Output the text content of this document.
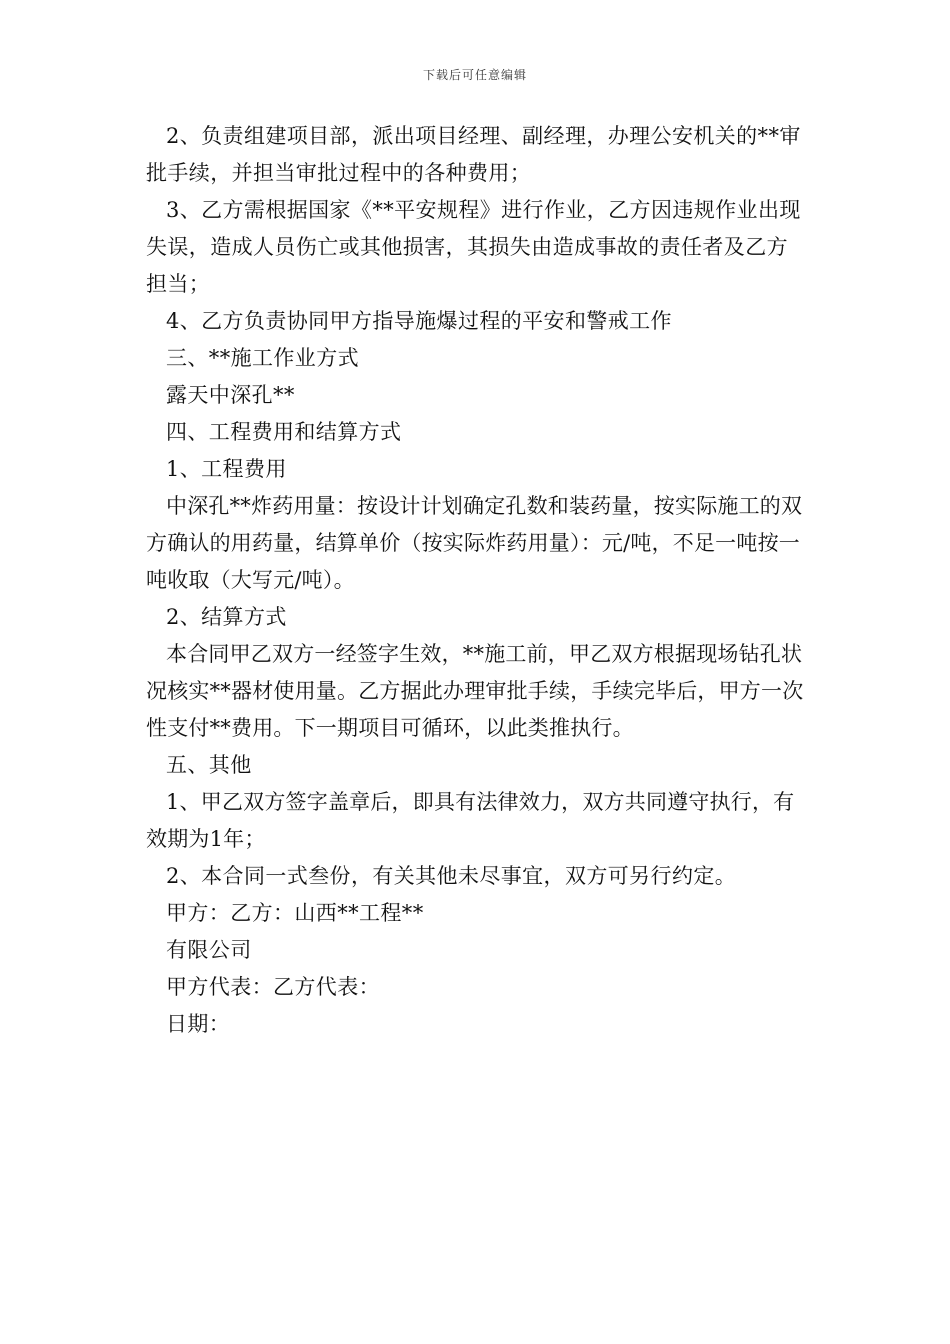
下载后可任意编辑

2、负责组建项目部，派出项目经理、副经理，办理公安机关的**审批手续，并担当审批过程中的各种费用；

3、乙方需根据国家《**平安规程》进行作业，乙方因违规作业出现失误，造成人员伤亡或其他损害，其损失由造成事故的责任者及乙方担当；

4、乙方负责协同甲方指导施爆过程的平安和警戒工作

三、**施工作业方式

露天中深孔**

四、工程费用和结算方式

1、工程费用

中深孔**炸药用量：按设计计划确定孔数和装药量，按实际施工的双方确认的用药量，结算单价（按实际炸药用量）：元/吨，不足一吨按一吨收取（大写元/吨）。

2、结算方式

本合同甲乙双方一经签字生效，**施工前，甲乙双方根据现场钻孔状况核实**器材使用量。乙方据此办理审批手续，手续完毕后，甲方一次性支付**费用。下一期项目可循环，以此类推执行。

五、其他

1、甲乙双方签字盖章后，即具有法律效力，双方共同遵守执行，有效期为1年；

2、本合同一式叁份，有关其他未尽事宜，双方可另行约定。

甲方：乙方：山西**工程**

有限公司

甲方代表：乙方代表：

日期：
